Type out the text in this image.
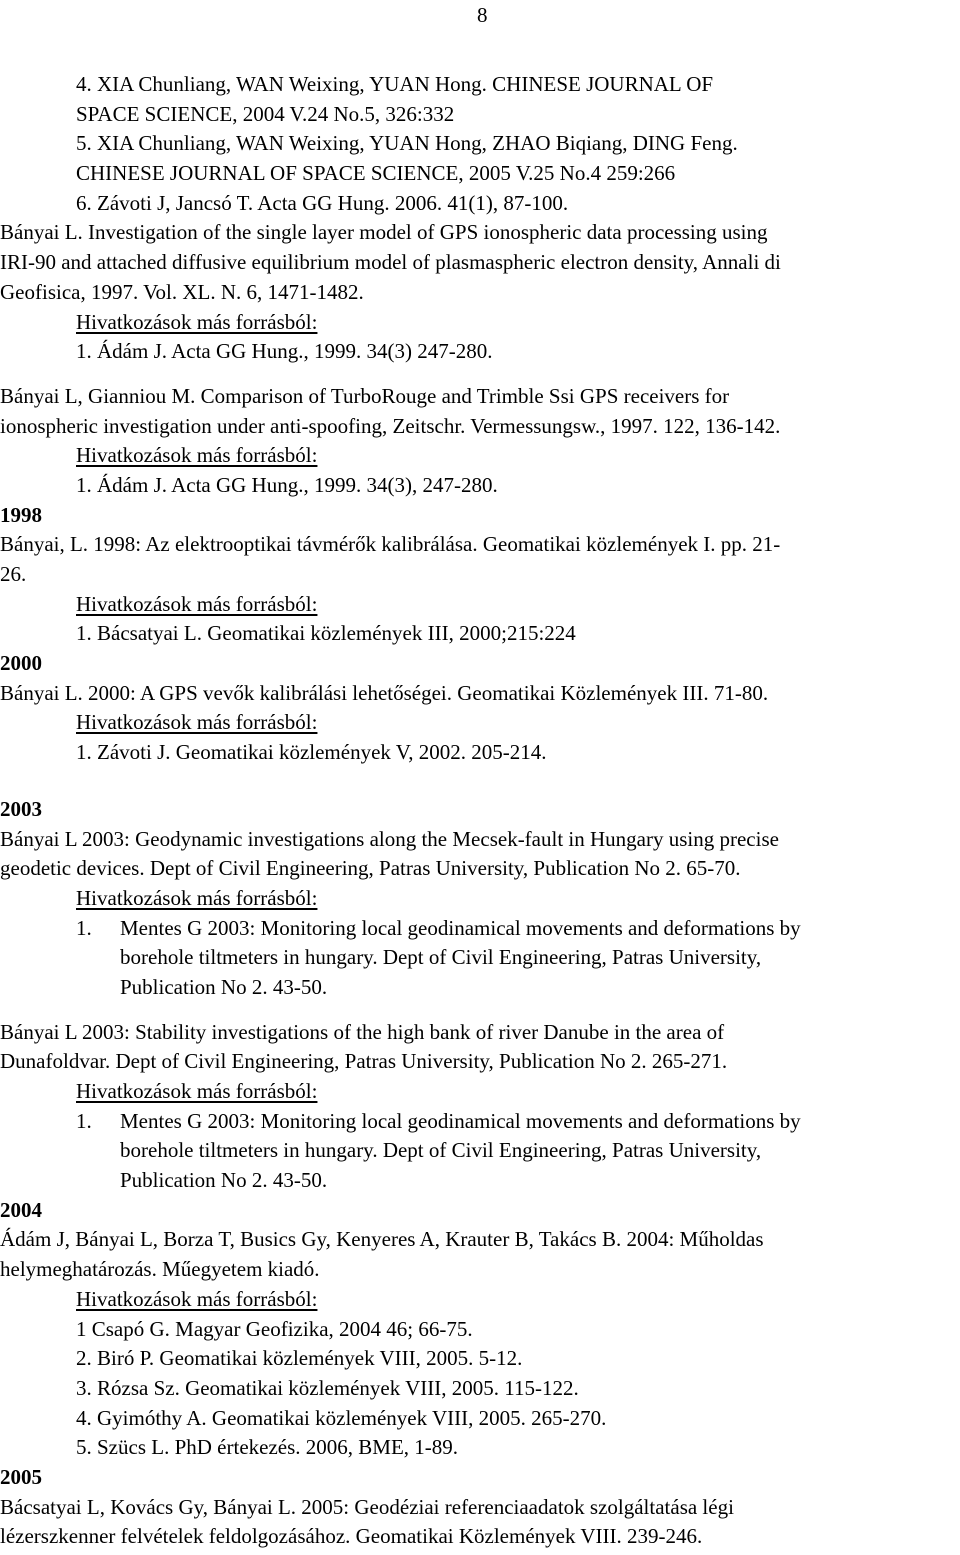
8
4. XIA Chunliang, WAN Weixing, YUAN Hong. CHINESE JOURNAL OF
SPACE SCIENCE, 2004 V.24 No.5, 326:332
5. XIA Chunliang, WAN Weixing, YUAN Hong, ZHAO Biqiang, DING Feng.
CHINESE JOURNAL OF SPACE SCIENCE, 2005 V.25 No.4 259:266
6. Závoti J, Jancsó T. Acta GG Hung. 2006. 41(1), 87-100.
Bányai L. Investigation of the single layer model of GPS ionospheric data processing using
IRI-90 and attached diffusive equilibrium model of plasmaspheric electron density, Annali di
Geofisica, 1997. Vol. XL. N. 6, 1471-1482.
Hivatkozások más forrásból:
1. Ádám J. Acta GG Hung., 1999. 34(3) 247-280.
Bányai L, Gianniou M. Comparison of TurboRouge and Trimble Ssi GPS receivers for
ionospheric investigation under anti-spoofing, Zeitschr. Vermessungsw., 1997. 122, 136-142.
Hivatkozások más forrásból:
1. Ádám J. Acta GG Hung., 1999. 34(3), 247-280.
1998
Bányai, L. 1998: Az elektrooptikai távmérők kalibrálása. Geomatikai közlemények I. pp. 21-
26.
Hivatkozások más forrásból:
1. Bácsatyai L. Geomatikai közlemények III, 2000;215:224
2000
Bányai L. 2000: A GPS vevők kalibrálási lehetőségei. Geomatikai Közlemények III. 71-80.
Hivatkozások más forrásból:
1. Závoti J. Geomatikai közlemények V, 2002. 205-214.
2003
Bányai L 2003: Geodynamic investigations along the Mecsek-fault in Hungary using precise
geodetic devices. Dept of Civil Engineering, Patras University, Publication No 2. 65-70.
Hivatkozások más forrásból:
1. Mentes G 2003: Monitoring local geodinamical movements and deformations by
borehole tiltmeters in hungary. Dept of Civil Engineering, Patras University,
Publication No 2. 43-50.
Bányai L 2003: Stability investigations of the high bank of river Danube in the area of
Dunafoldvar. Dept of Civil Engineering, Patras University, Publication No 2. 265-271.
Hivatkozások más forrásból:
1. Mentes G 2003: Monitoring local geodinamical movements and deformations by
borehole tiltmeters in hungary. Dept of Civil Engineering, Patras University,
Publication No 2. 43-50.
2004
Ádám J, Bányai L, Borza T, Busics Gy, Kenyeres A, Krauter B, Takács B. 2004: Műholdas
helymeghatározás. Műegyetem kiadó.
Hivatkozások más forrásból:
1 Csapó G. Magyar Geofizika, 2004 46; 66-75.
2. Biró P. Geomatikai közlemények VIII, 2005. 5-12.
3. Rózsa Sz. Geomatikai közlemények VIII, 2005. 115-122.
4. Gyimóthy A. Geomatikai közlemények VIII, 2005. 265-270.
5. Szücs L. PhD értekezés. 2006, BME, 1-89.
2005
Bácsatyai L, Kovács Gy, Bányai L. 2005: Geodéziai referenciaadatok szolgáltatása légi
lézerszkenner felvételek feldolgozásához. Geomatikai Közlemények VIII. 239-246.
